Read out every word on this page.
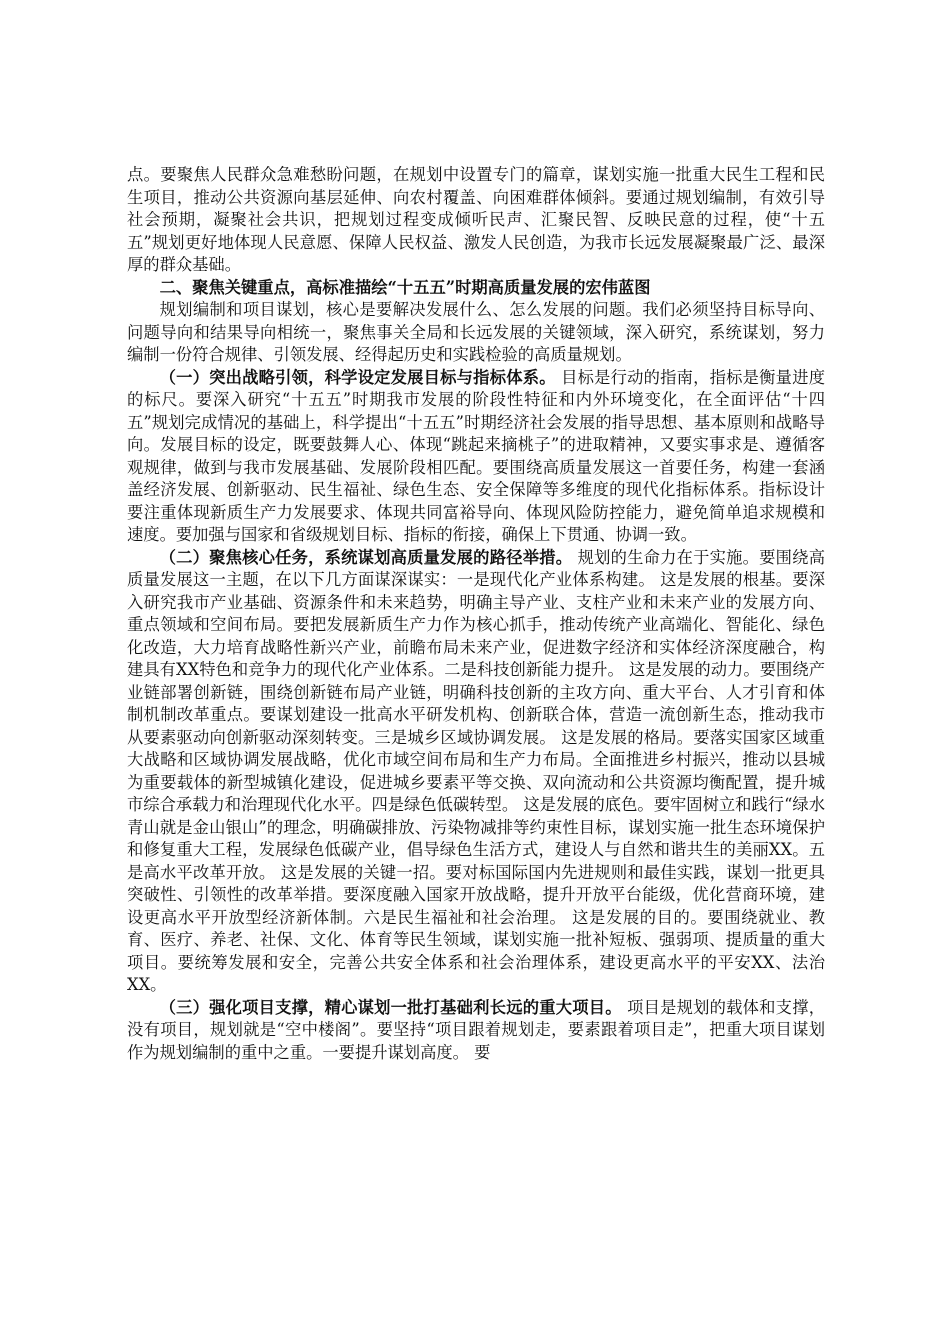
点。要聚焦人民群众急难愁盼问题，在规划中设置专门的篇章，谋划实施一批重大民生工程和民生项目，推动公共资源向基层延伸、向农村覆盖、向困难群体倾斜。要通过规划编制，有效引导社会预期，凝聚社会共识，把规划过程变成倾听民声、汇聚民智、反映民意的过程，使“十五五”规划更好地体现人民意愿、保障人民权益、激发人民创造，为我市长远发展凝聚最广泛、最深厚的群众基础。

二、聚焦关键重点，高标准描绘“十五五”时期高质量发展的宏伟蓝图

规划编制和项目谋划，核心是要解决发展什么、怎么发展的问题。我们必须坚持目标导向、问题导向和结果导向相统一，聚焦事关全局和长远发展的关键领域，深入研究，系统谋划，努力编制一份符合规律、引领发展、经得起历史和实践检验的高质量规划。

（一）突出战略引领，科学设定发展目标与指标体系。 目标是行动的指南，指标是衡量进度的标尺。要深入研究“十五五”时期我市发展的阶段性特征和内外环境变化，在全面评估“十四五”规划完成情况的基础上，科学提出“十五五”时期经济社会发展的指导思想、基本原则和战略导向。发展目标的设定，既要鼓舞人心、体现“跳起来摘桃子”的进取精神，又要实事求是、遵循客观规律，做到与我市发展基础、发展阶段相匹配。要围绕高质量发展这一首要任务，构建一套涵盖经济发展、创新驱动、民生福祉、绿色生态、安全保障等多维度的现代化指标体系。指标设计要注重体现新质生产力发展要求、体现共同富裕导向、体现风险防控能力，避免简单追求规模和速度。要加强与国家和省级规划目标、指标的衔接，确保上下贯通、协调一致。

（二）聚焦核心任务，系统谋划高质量发展的路径举措。 规划的生命力在于实施。要围绕高质量发展这一主题，在以下几方面谋深谋实：一是现代化产业体系构建。 这是发展的根基。要深入研究我市产业基础、资源条件和未来趋势，明确主导产业、支柱产业和未来产业的发展方向、重点领域和空间布局。要把发展新质生产力作为核心抓手，推动传统产业高端化、智能化、绿色化改造，大力培育战略性新兴产业，前瞻布局未来产业，促进数字经济和实体经济深度融合，构建具有XX特色和竞争力的现代化产业体系。二是科技创新能力提升。 这是发展的动力。要围绕产业链部署创新链，围绕创新链布局产业链，明确科技创新的主攻方向、重大平台、人才引育和体制机制改革重点。要谋划建设一批高水平研发机构、创新联合体，营造一流创新生态，推动我市从要素驱动向创新驱动深刻转变。三是城乡区域协调发展。 这是发展的格局。要落实国家区域重大战略和区域协调发展战略，优化市域空间布局和生产力布局。全面推进乡村振兴，推动以县城为重要载体的新型城镇化建设，促进城乡要素平等交换、双向流动和公共资源均衡配置，提升城市综合承载力和治理现代化水平。四是绿色低碳转型。 这是发展的底色。要牢固树立和践行“绿水青山就是金山银山”的理念，明确碳排放、污染物减排等约束性目标，谋划实施一批生态环境保护和修复重大工程，发展绿色低碳产业，倡导绿色生活方式，建设人与自然和谐共生的美丽XX。五是高水平改革开放。 这是发展的关键一招。要对标国际国内先进规则和最佳实践，谋划一批更具突破性、引领性的改革举措。要深度融入国家开放战略，提升开放平台能级，优化营商环境，建设更高水平开放型经济新体制。六是民生福祉和社会治理。 这是发展的目的。要围绕就业、教育、医疗、养老、社保、文化、体育等民生领域，谋划实施一批补短板、强弱项、提质量的重大项目。要统筹发展和安全，完善公共安全体系和社会治理体系，建设更高水平的平安XX、法治XX。

（三）强化项目支撑，精心谋划一批打基础利长远的重大项目。 项目是规划的载体和支撑，没有项目，规划就是“空中楼阁”。要坚持“项目跟着规划走，要素跟着项目走”，把重大项目谋划作为规划编制的重中之重。一要提升谋划高度。 要
